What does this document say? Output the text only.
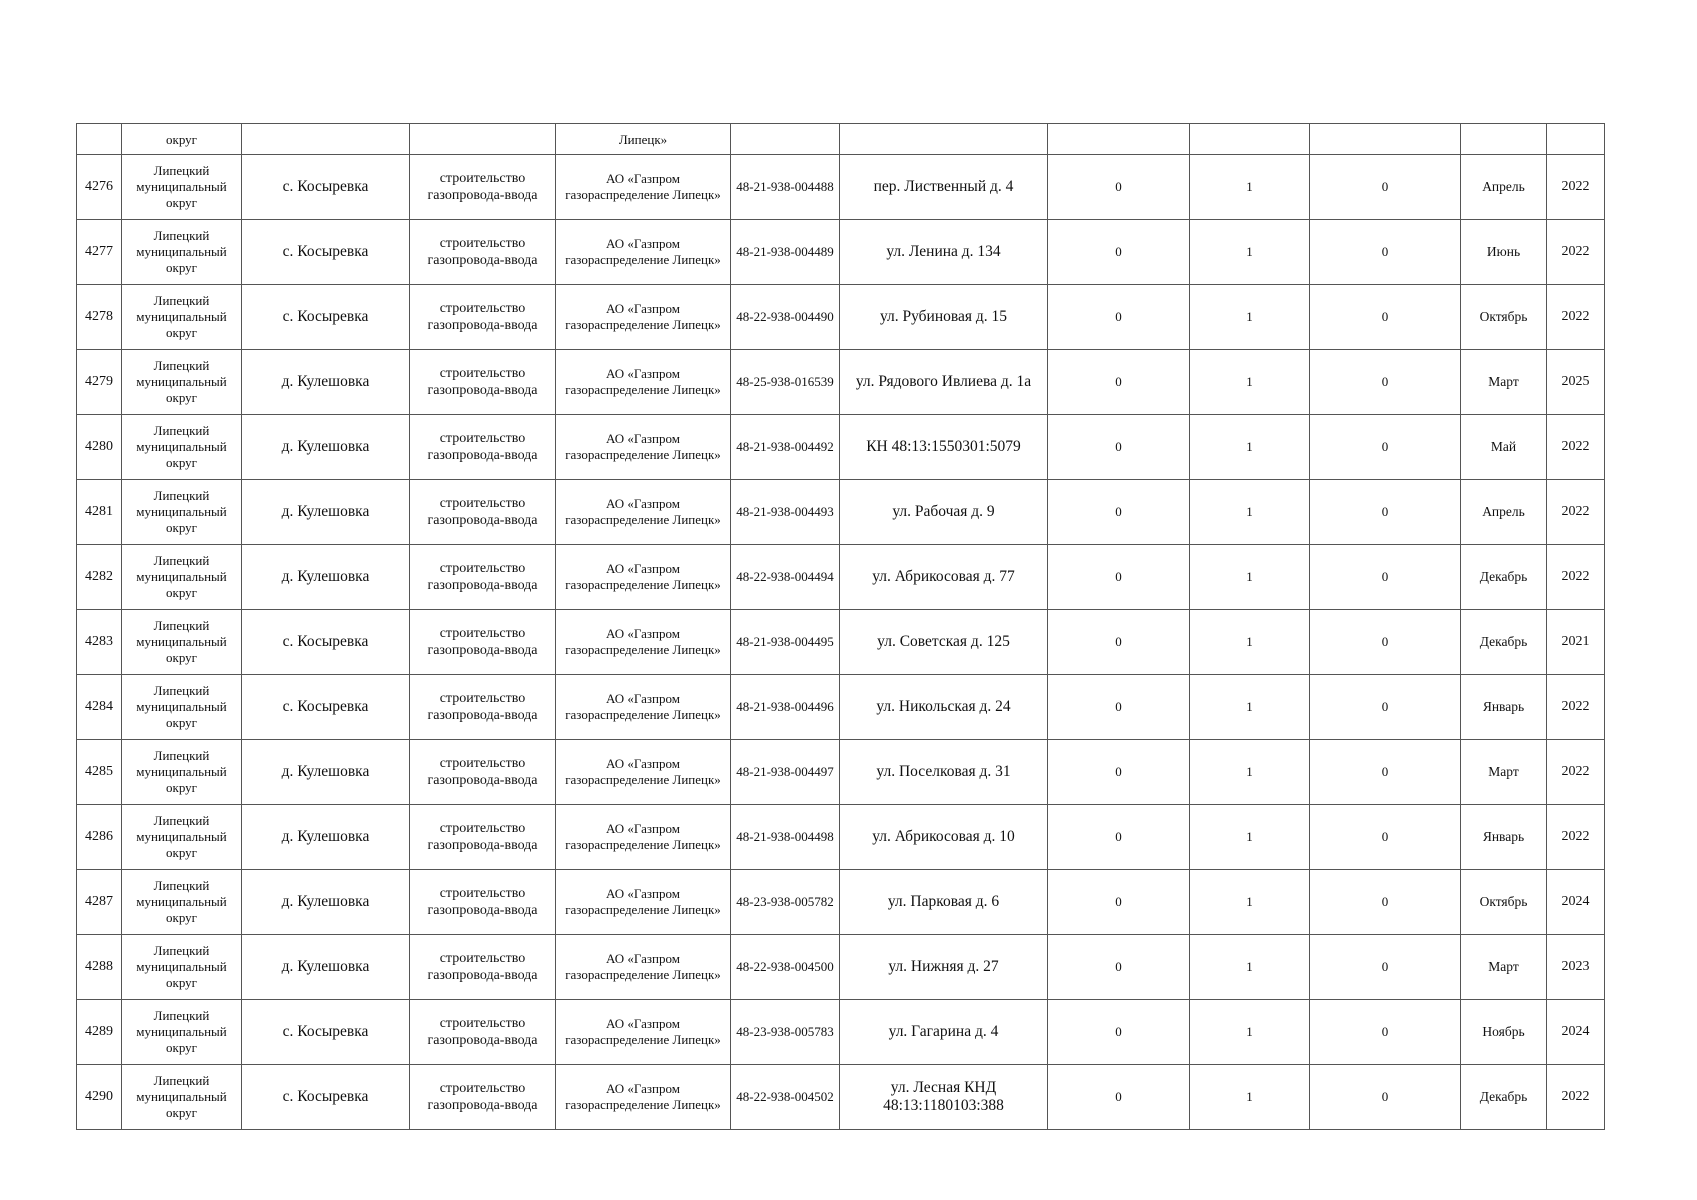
	округ			Липецк»							
4276	Липецкий муниципальный округ	с. Косыревка	строительство газопровода-ввода	АО «Газпром газораспределение Липецк»	48-21-938-004488	пер. Лиственный д. 4	0	1	0	Апрель	2022
4277	Липецкий муниципальный округ	с. Косыревка	строительство газопровода-ввода	АО «Газпром газораспределение Липецк»	48-21-938-004489	ул. Ленина д. 134	0	1	0	Июнь	2022
4278	Липецкий муниципальный округ	с. Косыревка	строительство газопровода-ввода	АО «Газпром газораспределение Липецк»	48-22-938-004490	ул. Рубиновая д. 15	0	1	0	Октябрь	2022
4279	Липецкий муниципальный округ	д. Кулешовка	строительство газопровода-ввода	АО «Газпром газораспределение Липецк»	48-25-938-016539	ул. Рядового Ивлиева д. 1а	0	1	0	Март	2025
4280	Липецкий муниципальный округ	д. Кулешовка	строительство газопровода-ввода	АО «Газпром газораспределение Липецк»	48-21-938-004492	КН 48:13:1550301:5079	0	1	0	Май	2022
4281	Липецкий муниципальный округ	д. Кулешовка	строительство газопровода-ввода	АО «Газпром газораспределение Липецк»	48-21-938-004493	ул. Рабочая д. 9	0	1	0	Апрель	2022
4282	Липецкий муниципальный округ	д. Кулешовка	строительство газопровода-ввода	АО «Газпром газораспределение Липецк»	48-22-938-004494	ул. Абрикосовая д. 77	0	1	0	Декабрь	2022
4283	Липецкий муниципальный округ	с. Косыревка	строительство газопровода-ввода	АО «Газпром газораспределение Липецк»	48-21-938-004495	ул. Советская д. 125	0	1	0	Декабрь	2021
4284	Липецкий муниципальный округ	с. Косыревка	строительство газопровода-ввода	АО «Газпром газораспределение Липецк»	48-21-938-004496	ул. Никольская д. 24	0	1	0	Январь	2022
4285	Липецкий муниципальный округ	д. Кулешовка	строительство газопровода-ввода	АО «Газпром газораспределение Липецк»	48-21-938-004497	ул. Поселковая д. 31	0	1	0	Март	2022
4286	Липецкий муниципальный округ	д. Кулешовка	строительство газопровода-ввода	АО «Газпром газораспределение Липецк»	48-21-938-004498	ул. Абрикосовая д. 10	0	1	0	Январь	2022
4287	Липецкий муниципальный округ	д. Кулешовка	строительство газопровода-ввода	АО «Газпром газораспределение Липецк»	48-23-938-005782	ул. Парковая д. 6	0	1	0	Октябрь	2024
4288	Липецкий муниципальный округ	д. Кулешовка	строительство газопровода-ввода	АО «Газпром газораспределение Липецк»	48-22-938-004500	ул. Нижняя д. 27	0	1	0	Март	2023
4289	Липецкий муниципальный округ	с. Косыревка	строительство газопровода-ввода	АО «Газпром газораспределение Липецк»	48-23-938-005783	ул. Гагарина д. 4	0	1	0	Ноябрь	2024
4290	Липецкий муниципальный округ	с. Косыревка	строительство газопровода-ввода	АО «Газпром газораспределение Липецк»	48-22-938-004502	ул. Лесная КНД 48:13:1180103:388	0	1	0	Декабрь	2022
